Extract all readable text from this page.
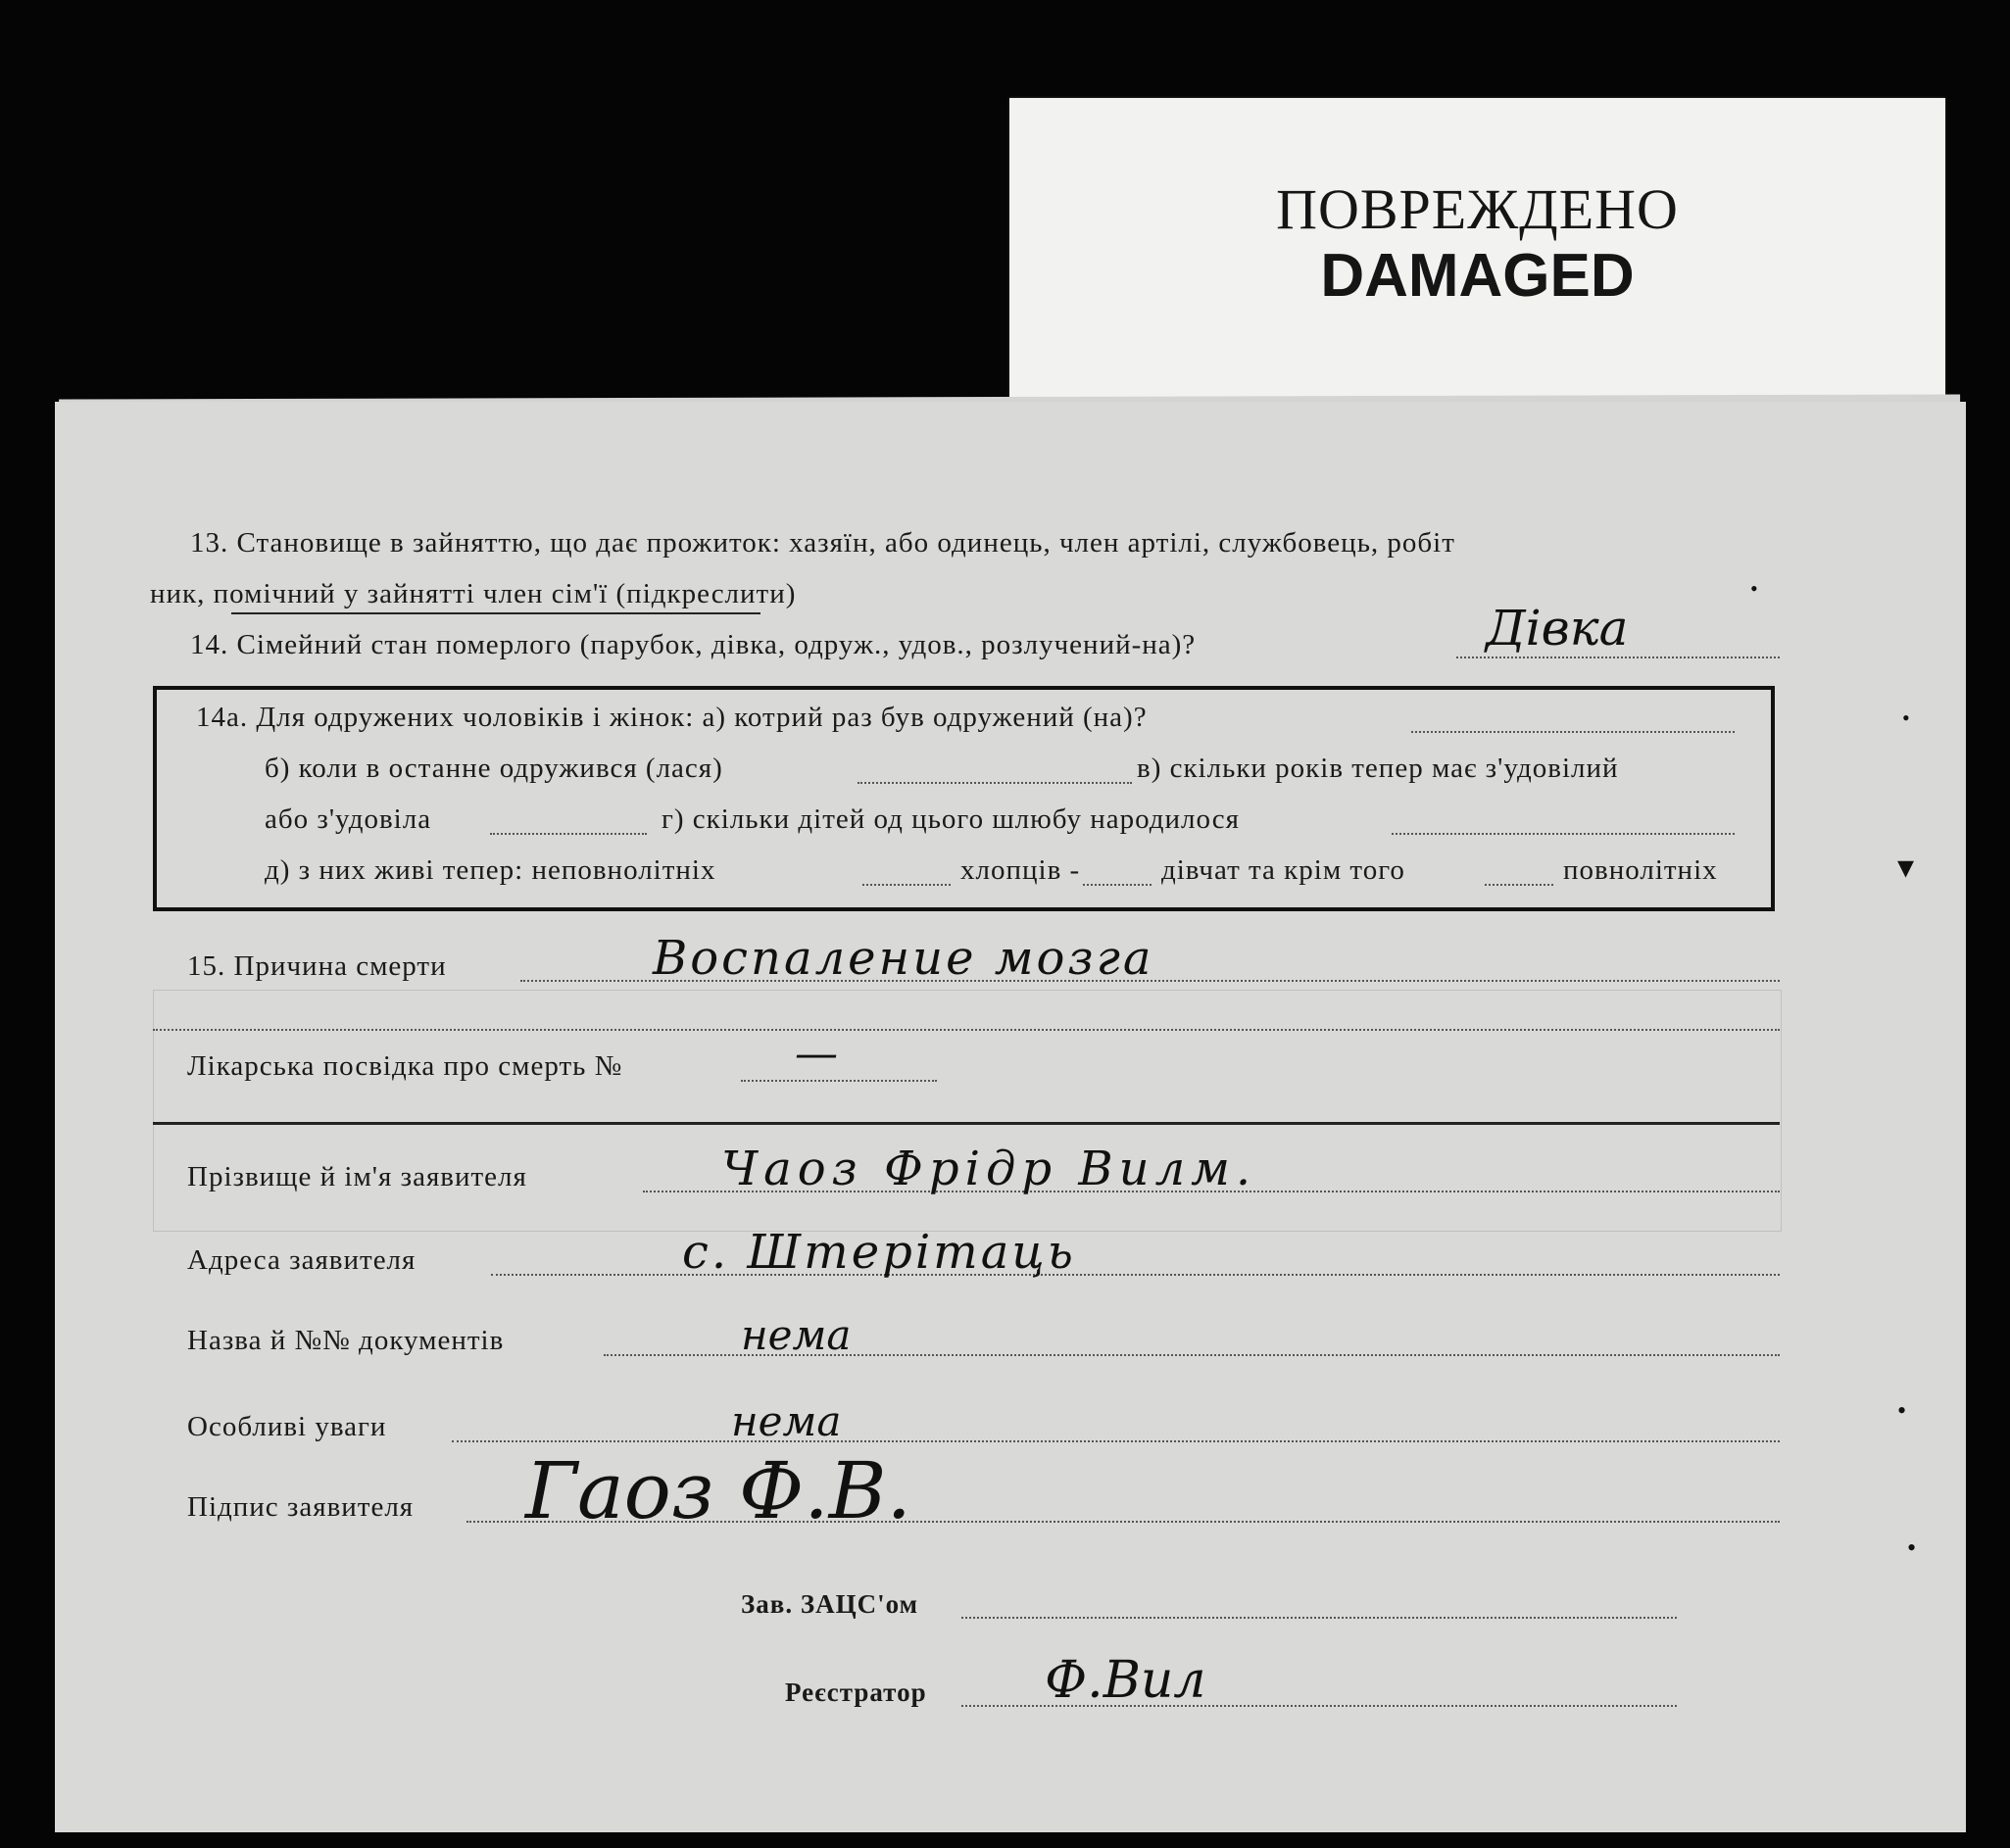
ПОВРЕЖДЕНО
DAMAGED
13. Становище в зайняттю, що дає прожиток: хазяїн, або одинець, член артілі, службовець, робіт
ник, помічний у зайнятті член сім'ї (підкреслити)	•
14. Сімейний стан померлого (парубок, дівка, одруж., удов., розлучений-на)?	Дівка
14а. Для одружених чоловіків і жінок: а) котрий раз був одружений (на)?
б) коли в останне одружився (лася)	в) скільки років тепер має з'удовілий
або з'удовіла	г) скільки дітей од цього шлюбу народилося
д) з них живі тепер: неповнолітніх	хлопців -	дівчат та крім того	повнолітніх
•
▾
15. Причина смерти	Воспаление мозга
Лікарська посвідка про смерть №	—
Прізвище й ім'я заявителя	Чаоз Фрідр Вилм.
Адреса заявителя	с. Штерітаць
Назва й №№ документів	нема
Особливі уваги	нема
Підпис заявителя Гаоз Ф.В.
Зав. ЗАЦС'ом
Реєстратор Ф.Вил
•
•
